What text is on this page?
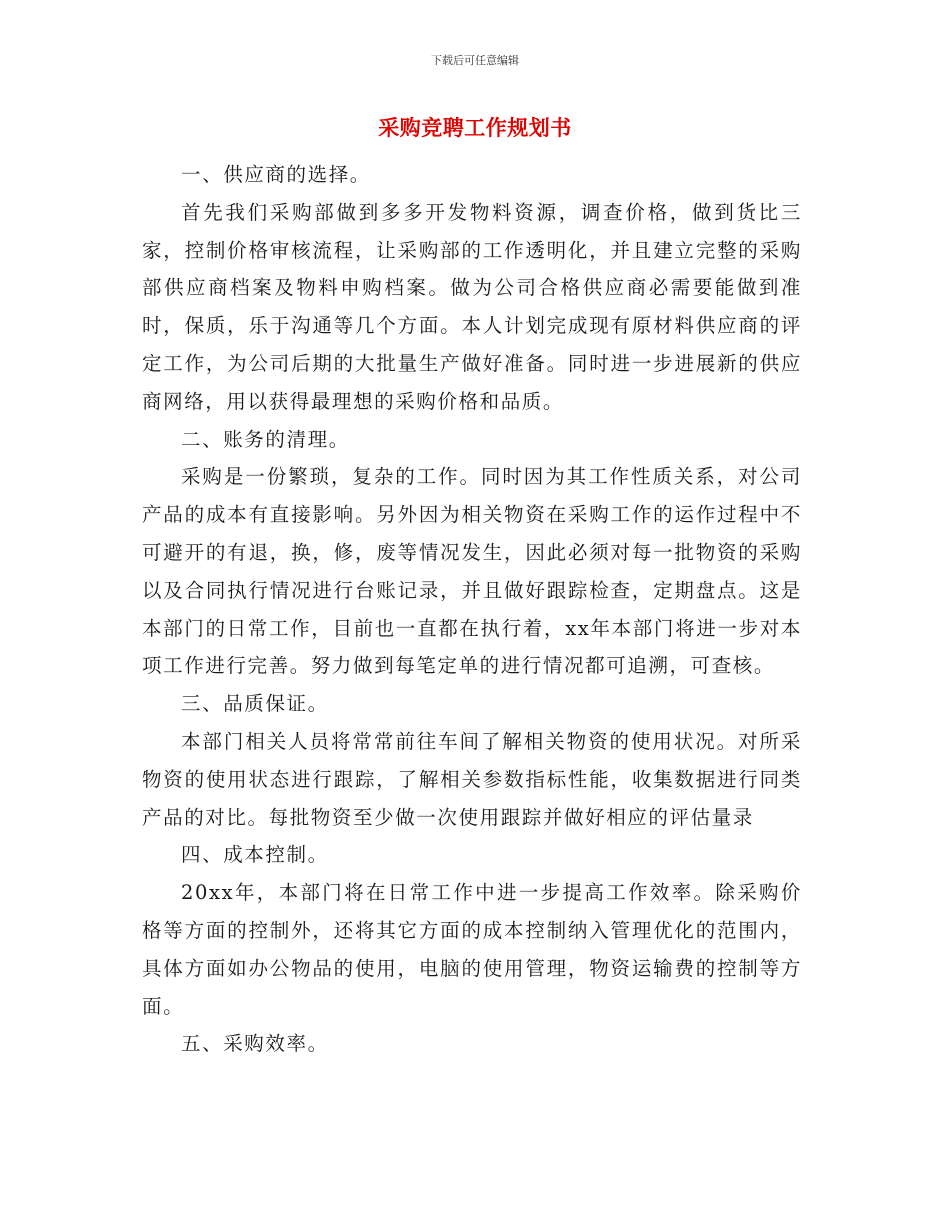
下载后可任意编辑
采购竞聘工作规划书

一、供应商的选择。

首先我们采购部做到多多开发物料资源，调查价格，做到货比三家，控制价格审核流程，让采购部的工作透明化，并且建立完整的采购部供应商档案及物料申购档案。做为公司合格供应商必需要能做到准时，保质，乐于沟通等几个方面。本人计划完成现有原材料供应商的评定工作，为公司后期的大批量生产做好准备。同时进一步进展新的供应商网络，用以获得最理想的采购价格和品质。

二、账务的清理。

采购是一份繁琐，复杂的工作。同时因为其工作性质关系，对公司产品的成本有直接影响。另外因为相关物资在采购工作的运作过程中不可避开的有退，换，修，废等情况发生，因此必须对每一批物资的采购以及合同执行情况进行台账记录，并且做好跟踪检查，定期盘点。这是本部门的日常工作，目前也一直都在执行着，xx年本部门将进一步对本项工作进行完善。努力做到每笔定单的进行情况都可追溯，可查核。

三、品质保证。

本部门相关人员将常常前往车间了解相关物资的使用状况。对所采物资的使用状态进行跟踪，了解相关参数指标性能，收集数据进行同类产品的对比。每批物资至少做一次使用跟踪并做好相应的评估量录

四、成本控制。

20xx年，本部门将在日常工作中进一步提高工作效率。除采购价格等方面的控制外，还将其它方面的成本控制纳入管理优化的范围内，具体方面如办公物品的使用，电脑的使用管理，物资运输费的控制等方面。

五、采购效率。
